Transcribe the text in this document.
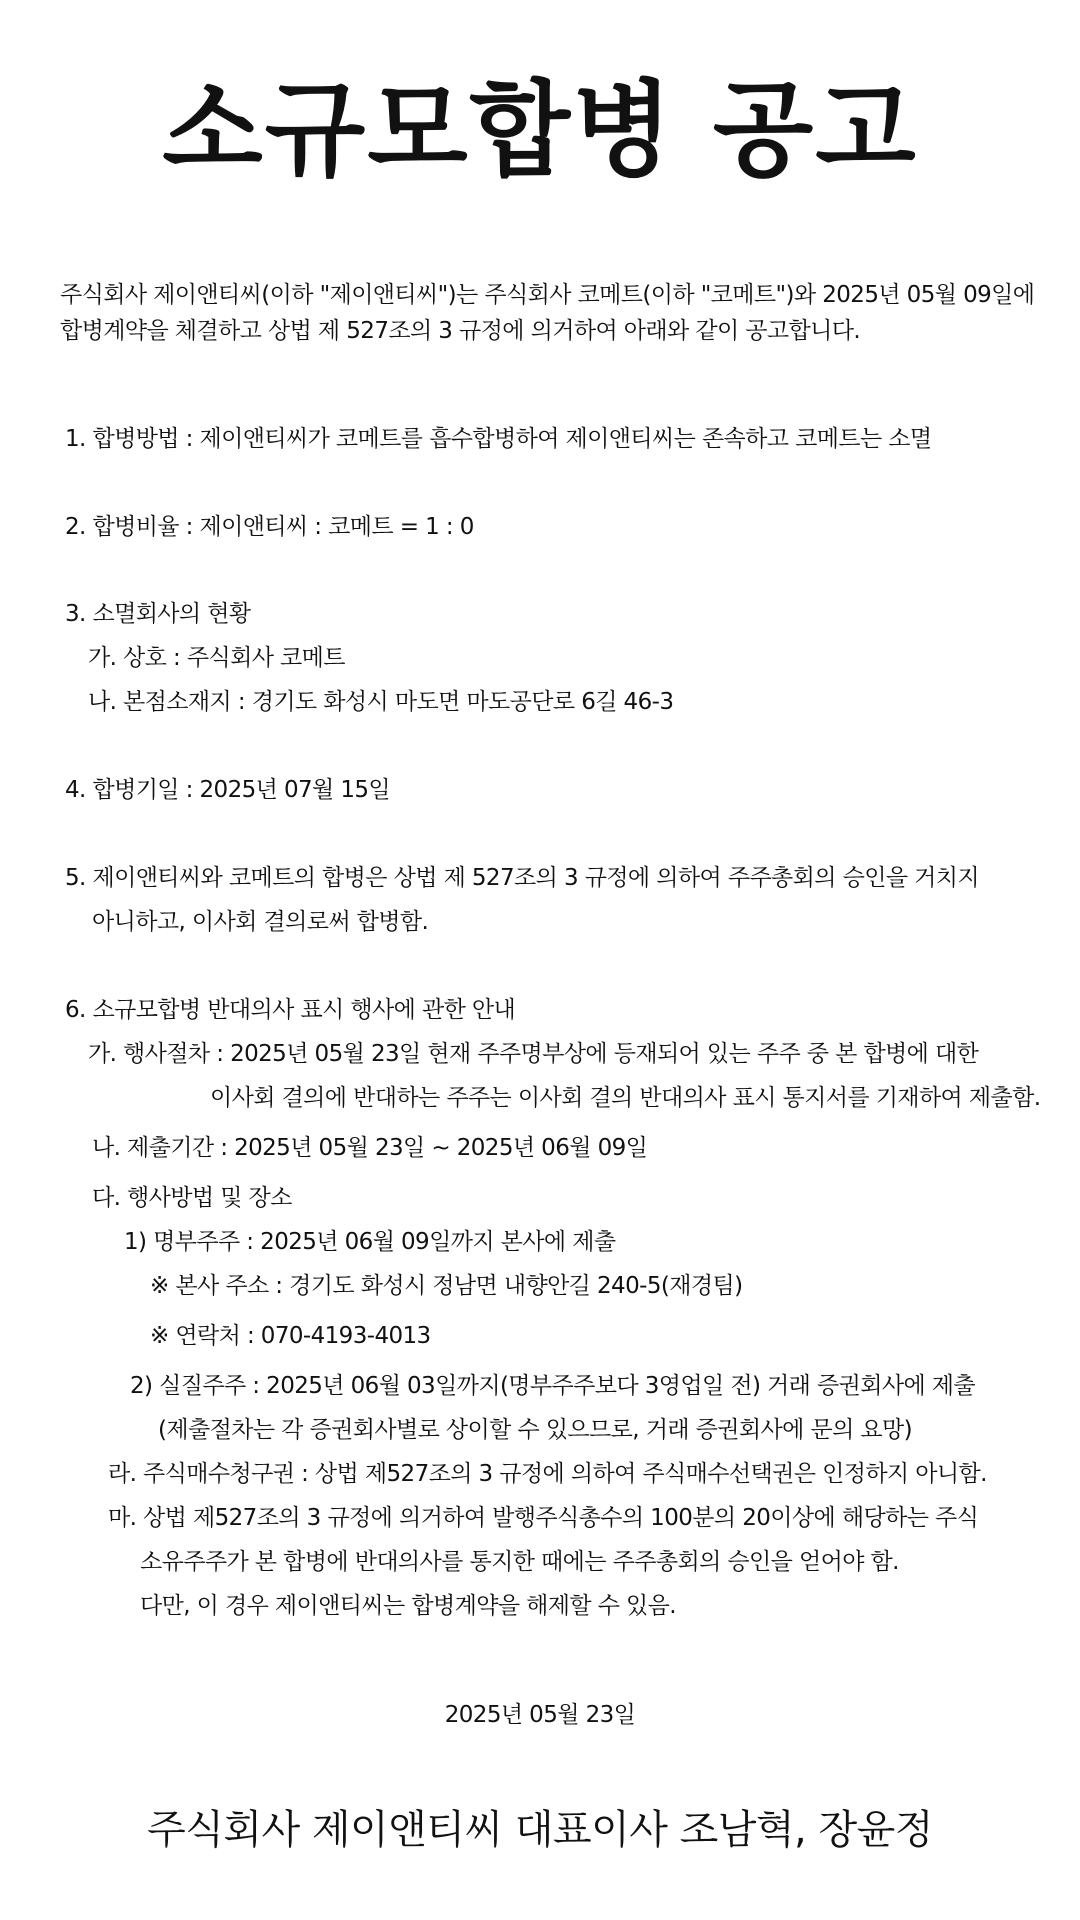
소규모합병 공고
주식회사 제이앤티씨(이하 "제이앤티씨")는 주식회사 코메트(이하 "코메트")와 2025년 05월 09일에
합병계약을 체결하고 상법 제 527조의 3 규정에 의거하여 아래와 같이 공고합니다.
1. 합병방법 : 제이앤티씨가 코메트를 흡수합병하여 제이앤티씨는 존속하고 코메트는 소멸
2. 합병비율 : 제이앤티씨 : 코메트 = 1 : 0
3. 소멸회사의 현황
가. 상호 : 주식회사 코메트
나. 본점소재지 : 경기도 화성시 마도면 마도공단로 6길 46-3
4. 합병기일 : 2025년 07월 15일
5. 제이앤티씨와 코메트의 합병은 상법 제 527조의 3 규정에 의하여 주주총회의 승인을 거치지
아니하고, 이사회 결의로써 합병함.
6. 소규모합병 반대의사 표시 행사에 관한 안내
가. 행사절차 : 2025년 05월 23일 현재 주주명부상에 등재되어 있는 주주 중 본 합병에 대한
이사회 결의에 반대하는 주주는 이사회 결의 반대의사 표시 통지서를 기재하여 제출함.
나. 제출기간 : 2025년 05월 23일 ~ 2025년 06월 09일
다. 행사방법 및 장소
1) 명부주주 : 2025년 06월 09일까지 본사에 제출
※ 본사 주소 : 경기도 화성시 정남면 내향안길 240-5(재경팀)
※ 연락처 : 070-4193-4013
2) 실질주주 : 2025년 06월 03일까지(명부주주보다 3영업일 전) 거래 증권회사에 제출
(제출절차는 각 증권회사별로 상이할 수 있으므로, 거래 증권회사에 문의 요망)
라. 주식매수청구권 : 상법 제527조의 3 규정에 의하여 주식매수선택권은 인정하지 아니함.
마. 상법 제527조의 3 규정에 의거하여 발행주식총수의 100분의 20이상에 해당하는 주식
소유주주가 본 합병에 반대의사를 통지한 때에는 주주총회의 승인을 얻어야 함.
다만, 이 경우 제이앤티씨는 합병계약을 해제할 수 있음.
2025년 05월 23일
주식회사 제이앤티씨 대표이사 조남혁, 장윤정
